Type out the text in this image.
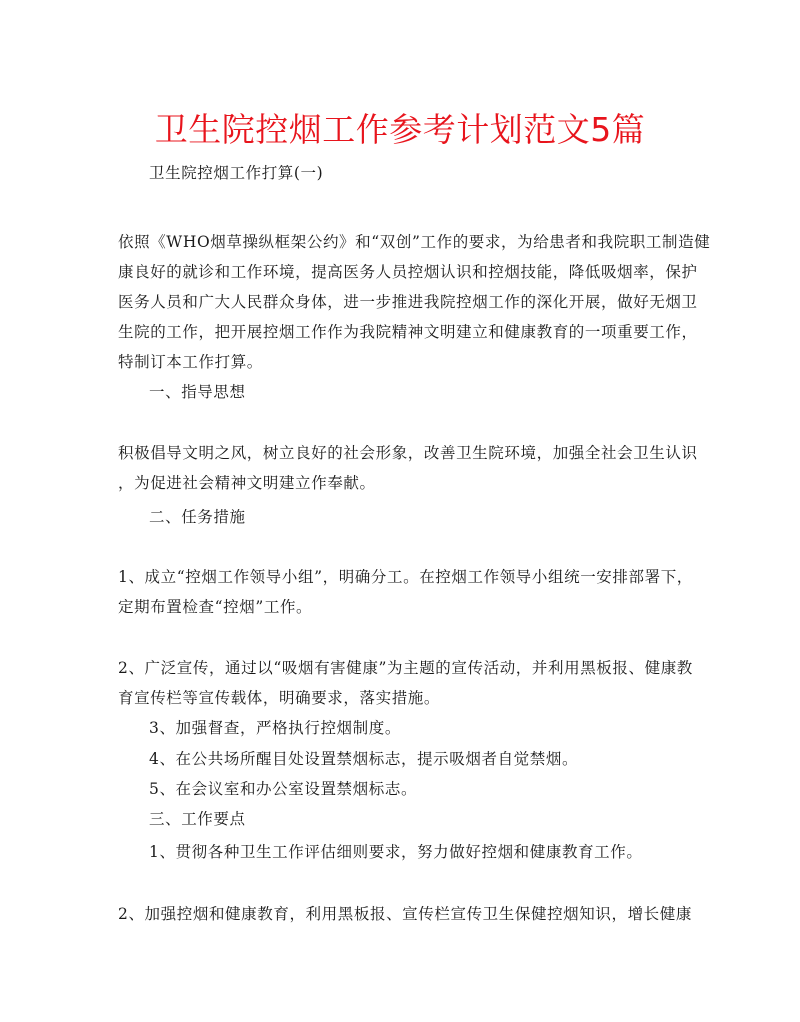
卫生院控烟工作参考计划范文5篇
卫生院控烟工作打算(一)
依照《WHO烟草操纵框架公约》和“双创”工作的要求，为给患者和我院职工制造健
康良好的就诊和工作环境，提高医务人员控烟认识和控烟技能，降低吸烟率，保护
医务人员和广大人民群众身体，进一步推进我院控烟工作的深化开展，做好无烟卫
生院的工作，把开展控烟工作作为我院精神文明建立和健康教育的一项重要工作，
特制订本工作打算。
一、指导思想
积极倡导文明之风，树立良好的社会形象，改善卫生院环境，加强全社会卫生认识
，为促进社会精神文明建立作奉献。
二、任务措施
1、成立“控烟工作领导小组”，明确分工。在控烟工作领导小组统一安排部署下，
定期布置检查“控烟”工作。
2、广泛宣传，通过以“吸烟有害健康”为主题的宣传活动，并利用黑板报、健康教
育宣传栏等宣传载体，明确要求，落实措施。
3、加强督查，严格执行控烟制度。
4、在公共场所醒目处设置禁烟标志，提示吸烟者自觉禁烟。
5、在会议室和办公室设置禁烟标志。
三、工作要点
1、贯彻各种卫生工作评估细则要求，努力做好控烟和健康教育工作。
2、加强控烟和健康教育，利用黑板报、宣传栏宣传卫生保健控烟知识，增长健康
